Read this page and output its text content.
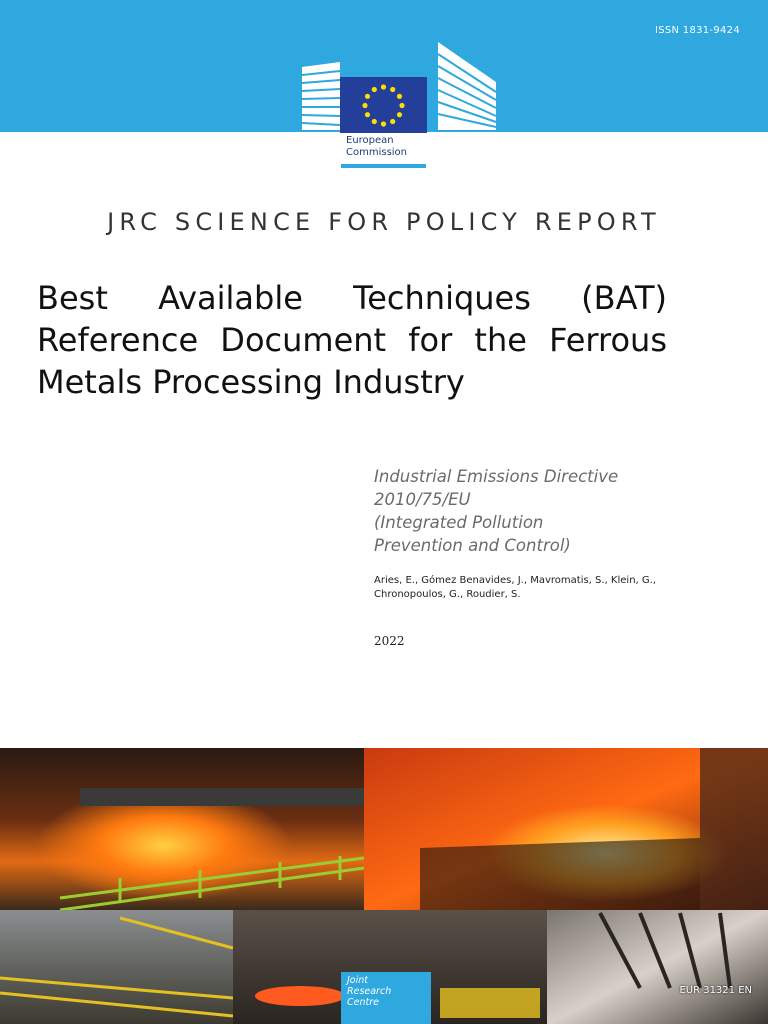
ISSN 1831-9424
European
Commission
JRC SCIENCE FOR POLICY REPORT
Best Available Techniques (BAT) Reference Document for the Ferrous Metals Processing Industry
Industrial Emissions Directive
2010/75/EU
(Integrated Pollution
Prevention and Control)
Aries, E., Gómez Benavides, J., Mavromatis, S., Klein, G., Chronopoulos, G., Roudier, S.
2022
Joint
Research
Centre
EUR 31321 EN
